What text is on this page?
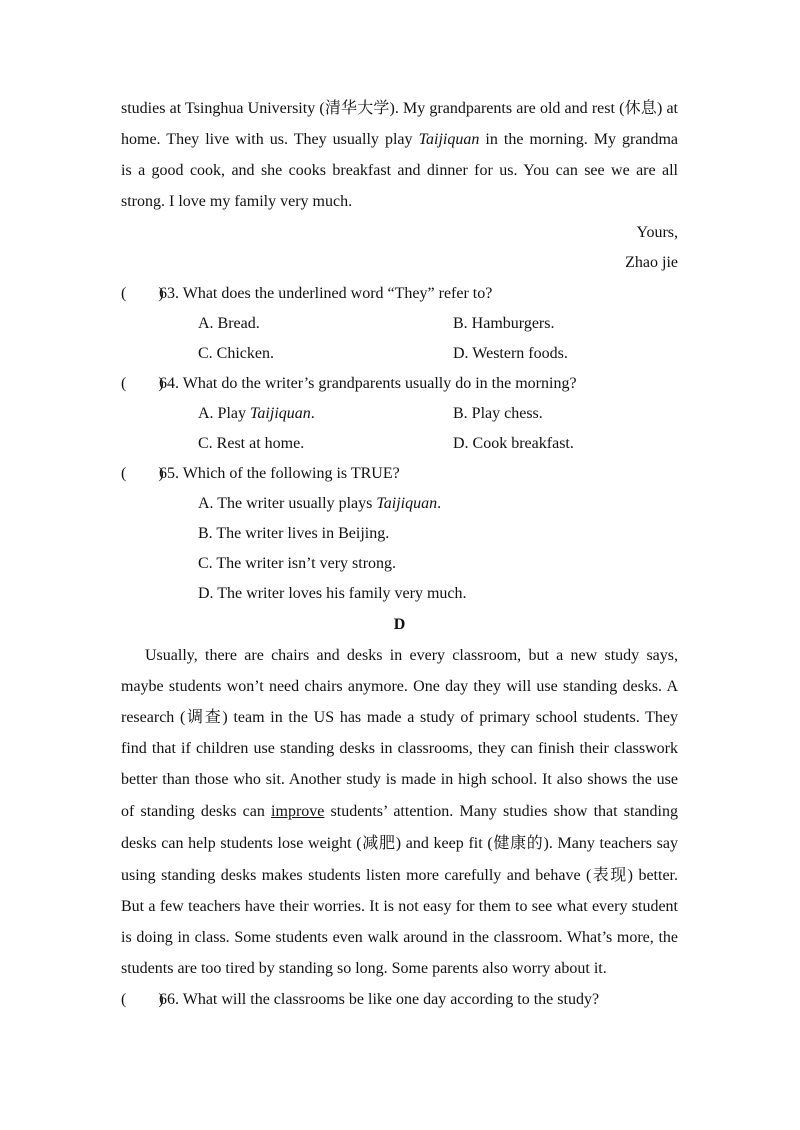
studies at Tsinghua University (清华大学). My grandparents are old and rest (休息) at
home. They live with us. They usually play Taijiquan in the morning. My grandma
is a good cook, and she cooks breakfast and dinner for us. You can see we are all
strong. I love my family very much.
Yours,
Zhao jie
(        )
63. What does the underlined word “They” refer to?
A. Bread.	B. Hamburgers.
C. Chicken.	D. Western foods.
(        )
64. What do the writer’s grandparents usually do in the morning?
A. Play Taijiquan.	B. Play chess.
C. Rest at home.	D. Cook breakfast.
(        )
65. Which of the following is TRUE?
A. The writer usually plays Taijiquan.
B. The writer lives in Beijing.
C. The writer isn’t very strong.
D. The writer loves his family very much.
D
Usually, there are chairs and desks in every classroom, but a new study says,
maybe students won’t need chairs anymore. One day they will use standing desks. A
research (调查) team in the US has made a study of primary school students. They
find that if children use standing desks in classrooms, they can finish their classwork
better than those who sit. Another study is made in high school. It also shows the use
of standing desks can improve students’ attention. Many studies show that standing
desks can help students lose weight (减肥) and keep fit (健康的). Many teachers say
using standing desks makes students listen more carefully and behave (表现) better.
But a few teachers have their worries. It is not easy for them to see what every student
is doing in class. Some students even walk around in the classroom. What’s more, the
students are too tired by standing so long. Some parents also worry about it.
(        )
66. What will the classrooms be like one day according to the study?
